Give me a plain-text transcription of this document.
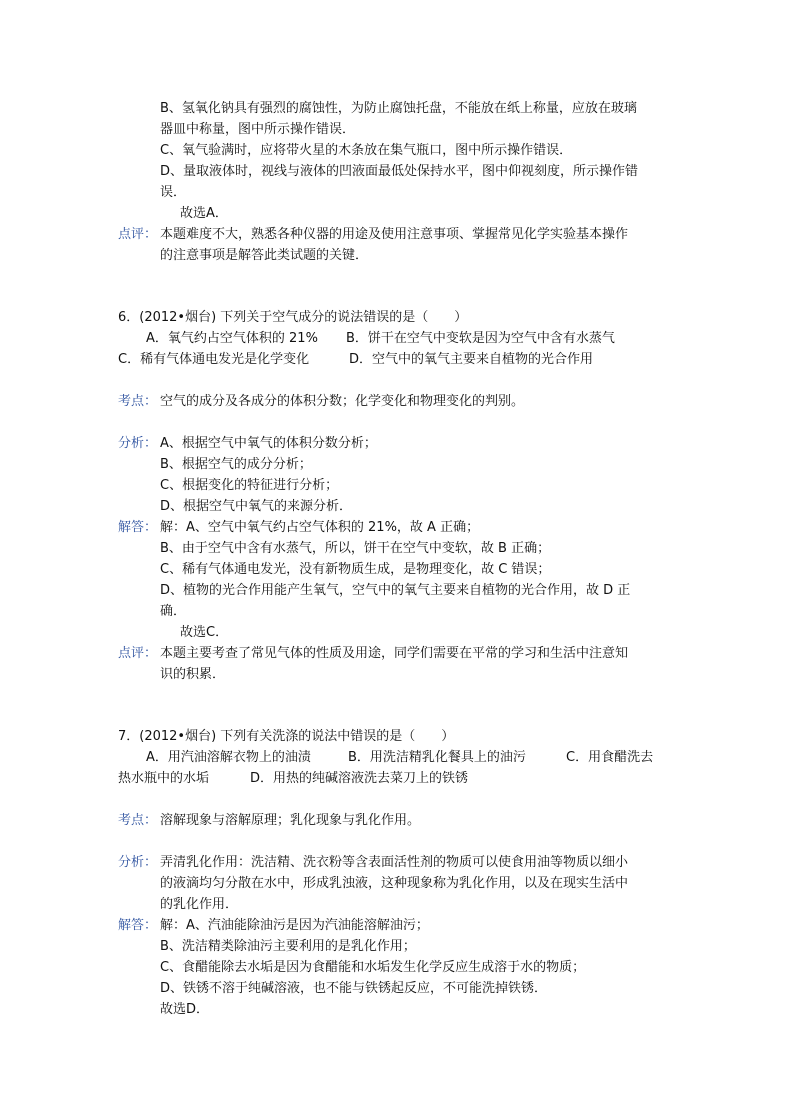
B、氢氧化钠具有强烈的腐蚀性，为防止腐蚀托盘，不能放在纸上称量，应放在玻璃
器皿中称量，图中所示操作错误．
C、氧气验满时，应将带火星的木条放在集气瓶口，图中所示操作错误．
D、量取液体时，视线与液体的凹液面最低处保持水平，图中仰视刻度，所示操作错
误．
故选A．
点评： 本题难度不大，熟悉各种仪器的用途及使用注意事项、掌握常见化学实验基本操作
的注意事项是解答此类试题的关键．
6．(2012•烟台) 下列关于空气成分的说法错误的是（　　）
A．氧气约占空气体积的 21% B．饼干在空气中变软是因为空气中含有水蒸气
C．稀有气体通电发光是化学变化	D．空气中的氧气主要来自植物的光合作用
考点： 空气的成分及各成分的体积分数；化学变化和物理变化的判别。
分析： A、根据空气中氧气的体积分数分析；
B、根据空气的成分分析；
C、根据变化的特征进行分析；
D、根据空气中氧气的来源分析．
解答： 解：A、空气中氧气约占空气体积的 21%，故 A 正确；
B、由于空气中含有水蒸气，所以，饼干在空气中变软，故 B 正确；
C、稀有气体通电发光，没有新物质生成，是物理变化，故 C 错误；
D、植物的光合作用能产生氧气，空气中的氧气主要来自植物的光合作用，故 D 正
确．
故选C．
点评： 本题主要考查了常见气体的性质及用途，同学们需要在平常的学习和生活中注意知
识的积累．
7．(2012•烟台) 下列有关洗涤的说法中错误的是（　　）
A．用汽油溶解衣物上的油渍	B．用洗洁精乳化餐具上的油污	C．用食醋洗去
热水瓶中的水垢	D．用热的纯碱溶液洗去菜刀上的铁锈
考点： 溶解现象与溶解原理；乳化现象与乳化作用。
分析： 弄清乳化作用：洗洁精、洗衣粉等含表面活性剂的物质可以使食用油等物质以细小
的液滴均匀分散在水中，形成乳浊液，这种现象称为乳化作用，以及在现实生活中
的乳化作用．
解答： 解：A、汽油能除油污是因为汽油能溶解油污；
B、洗洁精类除油污主要利用的是乳化作用；
C、食醋能除去水垢是因为食醋能和水垢发生化学反应生成溶于水的物质；
D、铁锈不溶于纯碱溶液，也不能与铁锈起反应，不可能洗掉铁锈．
故选D．
